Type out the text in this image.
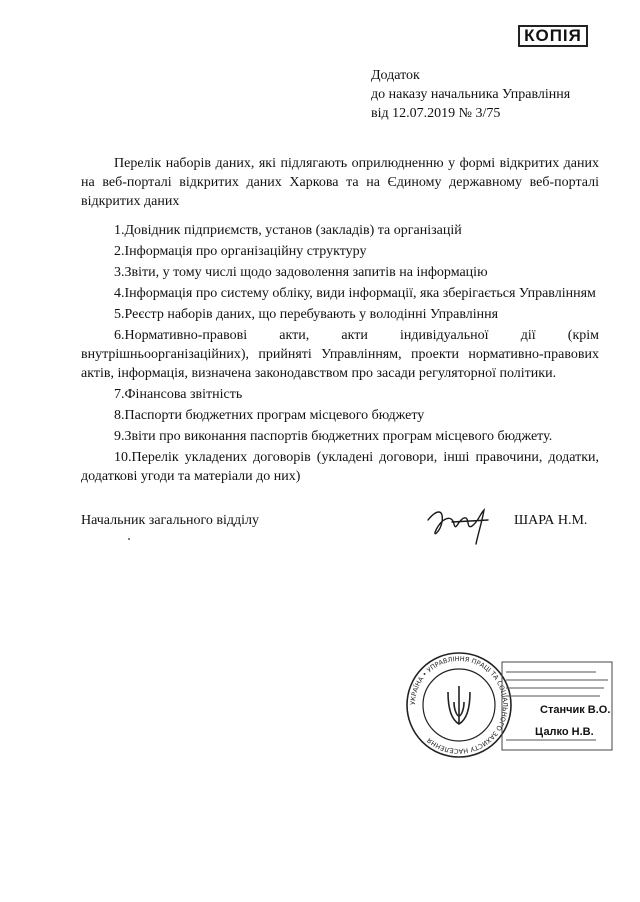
КОПІЯ
Додаток
до наказу начальника Управління
від 12.07.2019 № 3/75
Перелік наборів даних, які підлягають оприлюдненню у формі відкритих даних на веб-порталі відкритих даних Харкова та на Єдиному державному веб-порталі відкритих даних
1.Довідник підприємств, установ (закладів) та організацій
2.Інформація про організаційну структуру
3.Звіти, у тому числі щодо задоволення запитів на інформацію
4.Інформація про систему обліку, види інформації, яка зберігається Управлінням
5.Реєстр наборів даних, що перебувають у володінні Управління
6.Нормативно-правові акти, акти індивідуальної дії (крім внутрішньоорганізаційних), прийняті Управлінням, проекти нормативно-правових актів, інформація, визначена законодавством про засади регуляторної політики.
7.Фінансова звітність
8.Паспорти бюджетних програм місцевого бюджету
9.Звіти про виконання паспортів бюджетних програм місцевого бюджету.
10.Перелік укладених договорів (укладені договори, інші правочини, додатки, додаткові угоди та матеріали до них)
Начальник загального відділу	ШАРА Н.М.
УКРАЇНА • УПРАВЛІННЯ ПРАЦІ ТА СОЦІАЛЬНОГО ЗАХИСТУ НАСЕЛЕННЯ
Станчик В.О.
Цалко Н.В.
